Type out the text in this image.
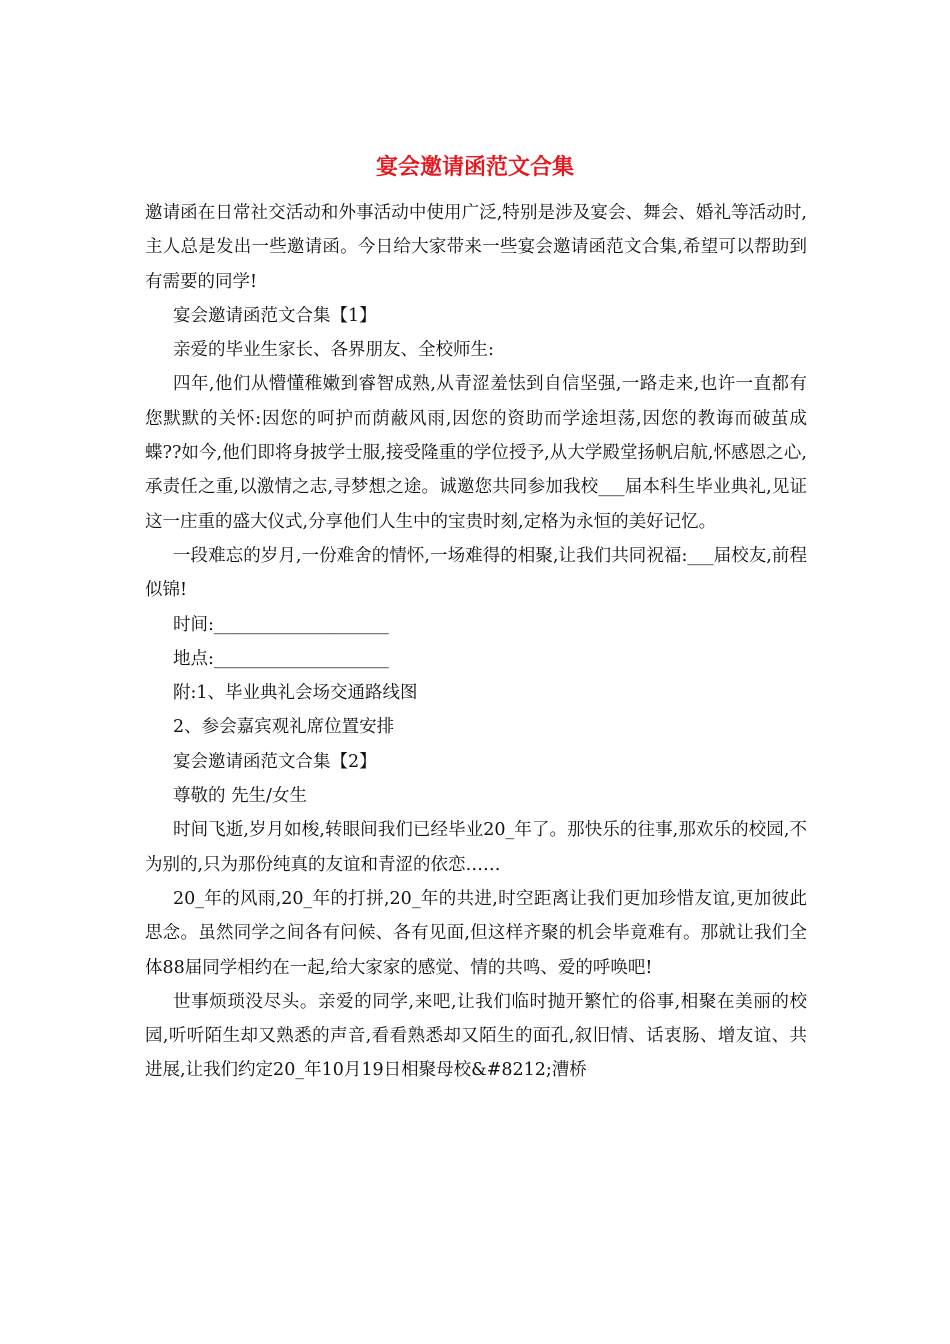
宴会邀请函范文合集

邀请函在日常社交活动和外事活动中使用广泛,特别是涉及宴会、舞会、婚礼等活动时,主人总是发出一些邀请函。今日给大家带来一些宴会邀请函范文合集,希望可以帮助到有需要的同学!

宴会邀请函范文合集【1】

亲爱的毕业生家长、各界朋友、全校师生:

四年,他们从懵懂稚嫩到睿智成熟,从青涩羞怯到自信坚强,一路走来,也许一直都有您默默的关怀:因您的呵护而荫蔽风雨,因您的资助而学途坦荡,因您的教诲而破茧成蝶??如今,他们即将身披学士服,接受隆重的学位授予,从大学殿堂扬帆启航,怀感恩之心,承责任之重,以激情之志,寻梦想之途。诚邀您共同参加我校___届本科生毕业典礼,见证这一庄重的盛大仪式,分享他们人生中的宝贵时刻,定格为永恒的美好记忆。

一段难忘的岁月,一份难舍的情怀,一场难得的相聚,让我们共同祝福:___届校友,前程似锦!

时间:____________________

地点:____________________

附:1、毕业典礼会场交通路线图

2、参会嘉宾观礼席位置安排

宴会邀请函范文合集【2】

尊敬的 先生/女生

时间飞逝,岁月如梭,转眼间我们已经毕业20_年了。那快乐的往事,那欢乐的校园,不为别的,只为那份纯真的友谊和青涩的依恋……

20_年的风雨,20_年的打拼,20_年的共进,时空距离让我们更加珍惜友谊,更加彼此思念。虽然同学之间各有问候、各有见面,但这样齐聚的机会毕竟难有。那就让我们全体88届同学相约在一起,给大家家的感觉、情的共鸣、爱的呼唤吧!

世事烦琐没尽头。亲爱的同学,来吧,让我们临时抛开繁忙的俗事,相聚在美丽的校园,听听陌生却又熟悉的声音,看看熟悉却又陌生的面孔,叙旧情、话衷肠、增友谊、共进展,让我们约定20_年10月19日相聚母校&#8212;漕桥
